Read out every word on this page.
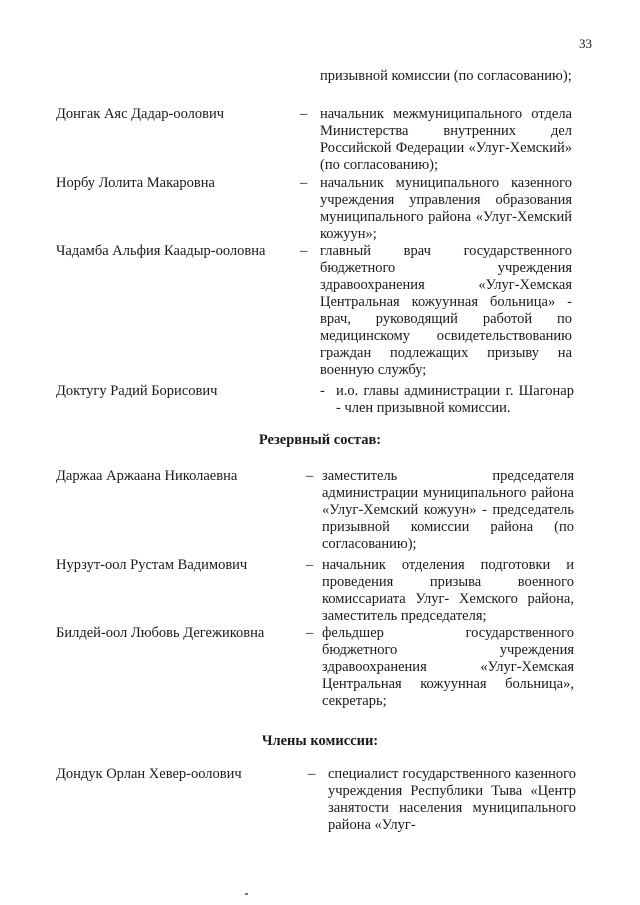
33
призывной комиссии (по согласованию);
Донгак Аяс Дадар-оолович	– начальник межмуниципального отдела Министерства внутренних дел Российской Федерации «Улуг-Хемский» (по согласованию);
Норбу Лолита Макаровна	– начальник муниципального казенного учреждения управления образования муниципального района «Улуг-Хемский кожуун»;
Чадамба Альфия Каадыр-ооловна – главный врач государственного бюджетного учреждения здравоохранения «Улуг-Хемская Центральная кожуунная больница» - врач, руководящий работой по медицинскому освидетельствованию граждан подлежащих призыву на военную службу;
Доктугу Радий Борисович	- и.о. главы администрации г. Шагонар - член призывной комиссии.
Резервный состав:
Даржаа Аржаана Николаевна	– заместитель председателя администрации муниципального района «Улуг-Хемский кожуун» - председатель призывной комиссии района (по согласованию);
Нурзут-оол Рустам Вадимович	– начальник отделения подготовки и проведения призыва военного комиссариата Улуг- Хемского района, заместитель председателя;
Билдей-оол Любовь Дегежиковна	– фельдшер государственного бюджетного учреждения здравоохранения «Улуг-Хемская Центральная кожуунная больница», секретарь;
Члены комиссии:
Дондук Орлан Хевер-оолович	– специалист государственного казенного учреждения Республики Тыва «Центр занятости населения муниципального района «Улуг-
